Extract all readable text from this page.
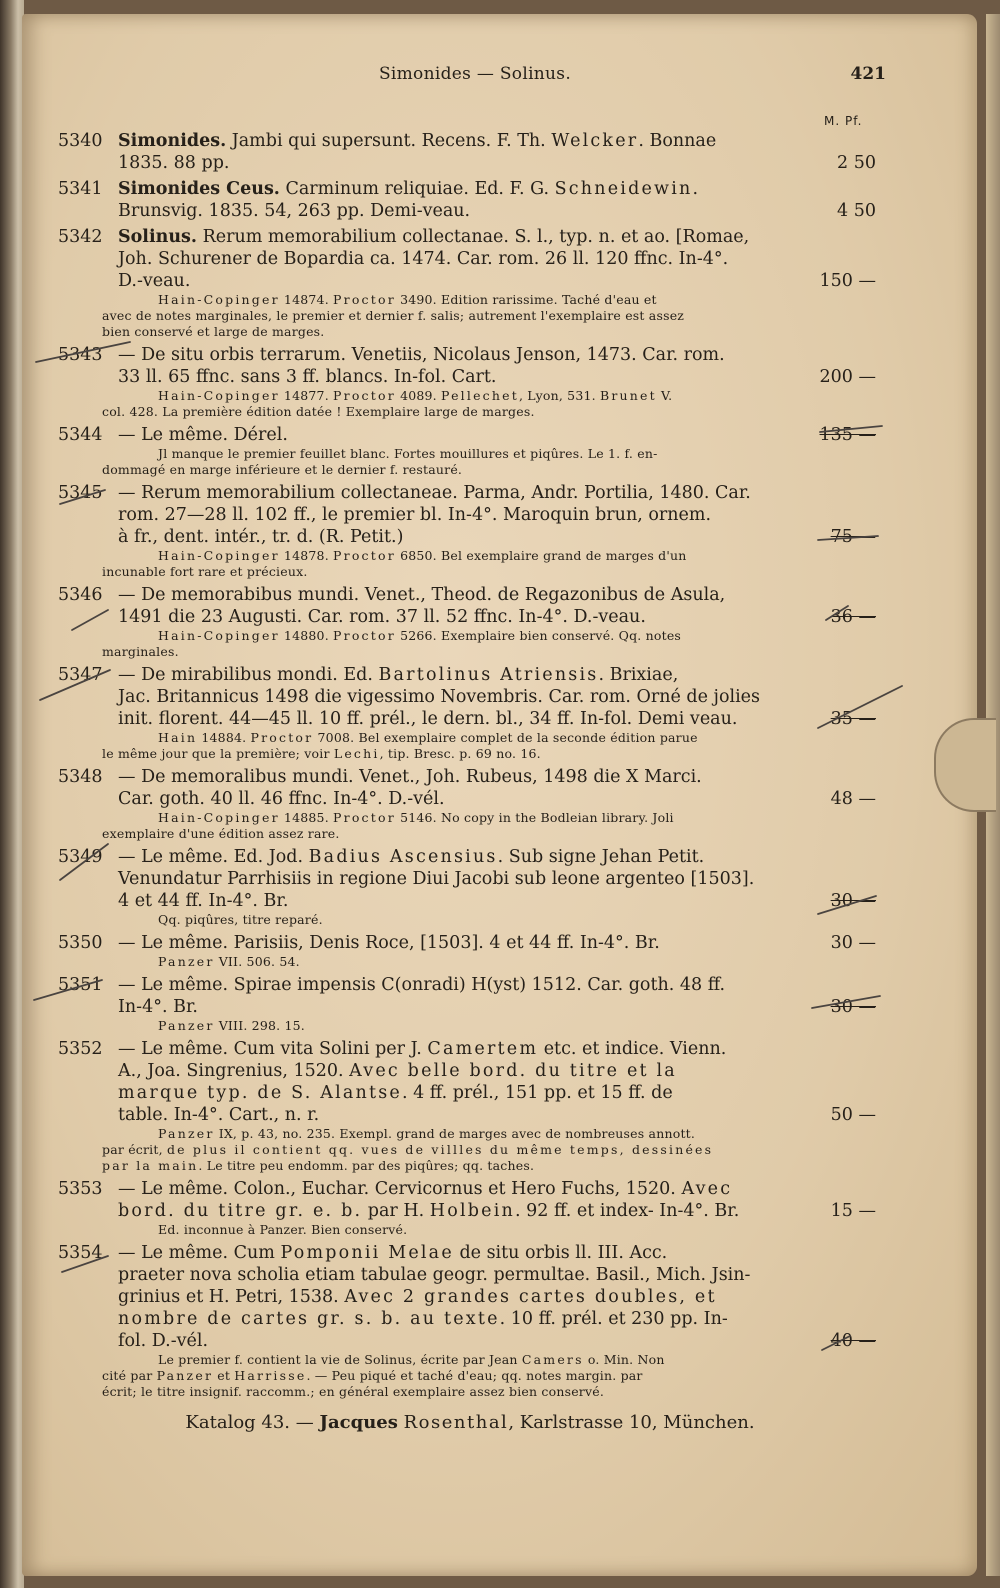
Simonides — Solinus.	421
M. Pf.
5340 Simonides. Jambi qui supersunt. Recens. F. Th. Welcker. Bonnae
1835. 88 pp.	2 50
5341 Simonides Ceus. Carminum reliquiae. Ed. F. G. Schneidewin.
Brunsvig. 1835. 54, 263 pp. Demi-veau.	4 50
5342 Solinus. Rerum memorabilium collectanae. S. l., typ. n. et ao. [Romae,
Joh. Schurener de Bopardia ca. 1474. Car. rom. 26 ll. 120 ffnc. In-4°.
D.-veau.	150 —
Hain-Copinger 14874. Proctor 3490. Edition rarissime. Taché d'eau et
avec de notes marginales, le premier et dernier f. salis; autrement l'exemplaire est assez
bien conservé et large de marges.
5343 — De situ orbis terrarum. Venetiis, Nicolaus Jenson, 1473. Car. rom.
33 ll. 65 ffnc. sans 3 ff. blancs. In-fol. Cart.	200 —
Hain-Copinger 14877. Proctor 4089. Pellechet, Lyon, 531. Brunet V.
col. 428. La première édition datée ! Exemplaire large de marges.
5344 — Le même. Dérel.	135 —
Jl manque le premier feuillet blanc. Fortes mouillures et piqûres. Le 1. f. en-
dommagé en marge inférieure et le dernier f. restauré.
5345 — Rerum memorabilium collectaneae. Parma, Andr. Portilia, 1480. Car.
rom. 27—28 ll. 102 ff., le premier bl. In-4°. Maroquin brun, ornem.
à fr., dent. intér., tr. d. (R. Petit.)	75 —
Hain-Copinger 14878. Proctor 6850. Bel exemplaire grand de marges d'un
incunable fort rare et précieux.
5346 — De memorabibus mundi. Venet., Theod. de Regazonibus de Asula,
1491 die 23 Augusti. Car. rom. 37 ll. 52 ffnc. In-4°. D.-veau.	36 —
Hain-Copinger 14880. Proctor 5266. Exemplaire bien conservé. Qq. notes
marginales.
5347 — De mirabilibus mondi. Ed. Bartolinus Atriensis. Brixiae,
Jac. Britannicus 1498 die vigessimo Novembris. Car. rom. Orné de jolies
init. florent. 44—45 ll. 10 ff. prél., le dern. bl., 34 ff. In-fol. Demi veau.	35 —
Hain 14884. Proctor 7008. Bel exemplaire complet de la seconde édition parue
le même jour que la première; voir Lechi, tip. Bresc. p. 69 no. 16.
5348 — De memoralibus mundi. Venet., Joh. Rubeus, 1498 die X Marci.
Car. goth. 40 ll. 46 ffnc. In-4°. D.-vél.	48 —
Hain-Copinger 14885. Proctor 5146. No copy in the Bodleian library. Joli
exemplaire d'une édition assez rare.
5349 — Le même. Ed. Jod. Badius Ascensius. Sub signe Jehan Petit.
Venundatur Parrhisiis in regione Diui Jacobi sub leone argenteo [1503].
4 et 44 ff. In-4°. Br.	30 —
Qq. piqûres, titre reparé.
5350 — Le même. Parisiis, Denis Roce, [1503]. 4 et 44 ff. In-4°. Br.	30 —
Panzer VII. 506. 54.
5351 — Le même. Spirae impensis C(onradi) H(yst) 1512. Car. goth. 48 ff.
In-4°. Br.	30 —
Panzer VIII. 298. 15.
5352 — Le même. Cum vita Solini per J. Camertem etc. et indice. Vienn.
A., Joa. Singrenius, 1520. Avec belle bord. du titre et la
marque typ. de S. Alantse. 4 ff. prél., 151 pp. et 15 ff. de
table. In-4°. Cart., n. r.	50 —
Panzer IX, p. 43, no. 235. Exempl. grand de marges avec de nombreuses annott.
par écrit, de plus il contient qq. vues de villles du même temps, dessinées
par la main. Le titre peu endomm. par des piqûres; qq. taches.
5353 — Le même. Colon., Euchar. Cervicornus et Hero Fuchs, 1520. Avec
bord. du titre gr. e. b. par H. Holbein. 92 ff. et index- In-4°. Br.	15 —
Ed. inconnue à Panzer. Bien conservé.
5354 — Le même. Cum Pomponii Melae de situ orbis ll. III. Acc.
praeter nova scholia etiam tabulae geogr. permultae. Basil., Mich. Jsin-
grinius et H. Petri, 1538. Avec 2 grandes cartes doubles, et
nombre de cartes gr. s. b. au texte. 10 ff. prél. et 230 pp. In-
fol. D.-vél.	40 —
Le premier f. contient la vie de Solinus, écrite par Jean Camers o. Min. Non
cité par Panzer et Harrisse. — Peu piqué et taché d'eau; qq. notes margin. par
écrit; le titre insignif. raccomm.; en général exemplaire assez bien conservé.
Katalog 43. — Jacques Rosenthal, Karlstrasse 10, München.
